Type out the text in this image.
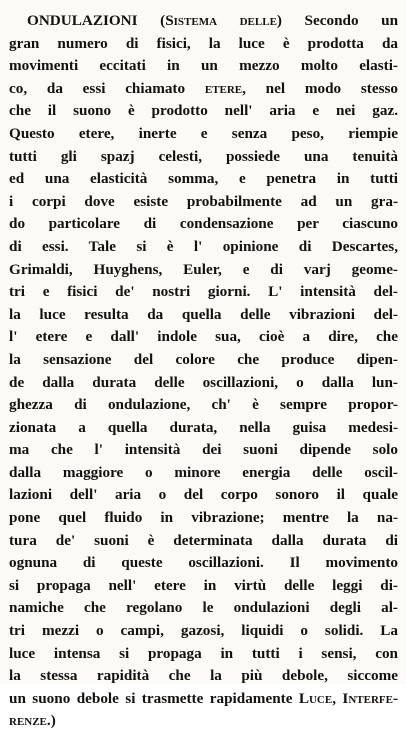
ONDULAZIONI (Sistema delle) Secondo un
gran numero di fisici, la luce è prodotta da
movimenti eccitati in un mezzo molto elasti-
co, da essi chiamato etere, nel modo stesso
che il suono è prodotto nell' aria e nei gaz.
Questo etere, inerte e senza peso, riempie
tutti gli spazj celesti, possiede una tenuità
ed una elasticità somma, e penetra in tutti
i corpi dove esiste probabilmente ad un gra-
do particolare di condensazione per ciascuno
di essi. Tale si è l' opinione di Descartes,
Grimaldi, Huyghens, Euler, e di varj geome-
tri e fisici de' nostri giorni. L' intensità del-
la luce resulta da quella delle vibrazioni del-
l' etere e dall' indole sua, cioè a dire, che
la sensazione del colore che produce dipen-
de dalla durata delle oscillazioni, o dalla lun-
ghezza di ondulazione, ch' è sempre propor-
zionata a quella durata, nella guisa medesi-
ma che l' intensità dei suoni dipende solo
dalla maggiore o minore energia delle oscil-
lazioni dell' aria o del corpo sonoro il quale
pone quel fluido in vibrazione; mentre la na-
tura de' suoni è determinata dalla durata di
ognuna di queste oscillazioni. Il movimento
si propaga nell' etere in virtù delle leggi di-
namiche che regolano le ondulazioni degli al-
tri mezzi o campi, gazosi, liquidi o solidi. La
luce intensa si propaga in tutti i sensi, con
la stessa rapidità che la più debole, siccome
un suono debole si trasmette rapidamente Luce, Interfe-
renze.)
